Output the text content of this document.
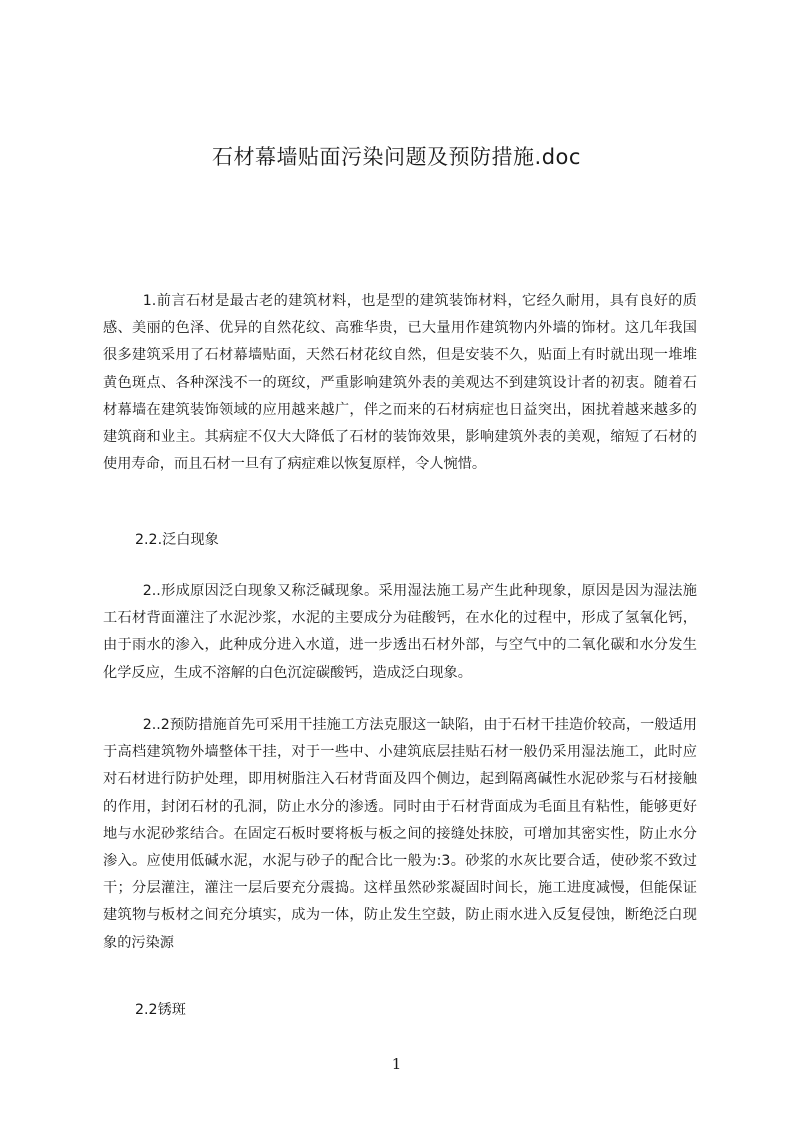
石材幕墙贴面污染问题及预防措施.doc

1.前言石材是最古老的建筑材料，也是型的建筑装饰材料，它经久耐用，具有良好的质感、美丽的色泽、优异的自然花纹、高雅华贵，已大量用作建筑物内外墙的饰材。这几年我国很多建筑采用了石材幕墙贴面，天然石材花纹自然，但是安装不久，贴面上有时就出现一堆堆黄色斑点、各种深浅不一的斑纹，严重影响建筑外表的美观达不到建筑设计者的初衷。随着石材幕墙在建筑装饰领域的应用越来越广，伴之而来的石材病症也日益突出，困扰着越来越多的建筑商和业主。其病症不仅大大降低了石材的装饰效果，影响建筑外表的美观，缩短了石材的使用寿命，而且石材一旦有了病症难以恢复原样，令人惋惜。

2.2.泛白现象

2..形成原因泛白现象又称泛碱现象。采用湿法施工易产生此种现象，原因是因为湿法施工石材背面灌注了水泥沙浆，水泥的主要成分为硅酸钙，在水化的过程中，形成了氢氧化钙，由于雨水的渗入，此种成分进入水道，进一步透出石材外部，与空气中的二氧化碳和水分发生化学反应，生成不溶解的白色沉淀碳酸钙，造成泛白现象。

2..2预防措施首先可采用干挂施工方法克服这一缺陷，由于石材干挂造价较高，一般适用于高档建筑物外墙整体干挂，对于一些中、小建筑底层挂贴石材一般仍采用湿法施工，此时应对石材进行防护处理，即用树脂注入石材背面及四个侧边，起到隔离碱性水泥砂浆与石材接触的作用，封闭石材的孔洞，防止水分的渗透。同时由于石材背面成为毛面且有粘性，能够更好地与水泥砂浆结合。在固定石板时要将板与板之间的接缝处抹胶，可增加其密实性，防止水分渗入。应使用低碱水泥，水泥与砂子的配合比一般为:3。砂浆的水灰比要合适，使砂浆不致过干；分层灌注，灌注一层后要充分震捣。这样虽然砂浆凝固时间长，施工进度减慢，但能保证建筑物与板材之间充分填实，成为一体，防止发生空鼓，防止雨水进入反复侵蚀，断绝泛白现象的污染源

2.2锈斑

1
